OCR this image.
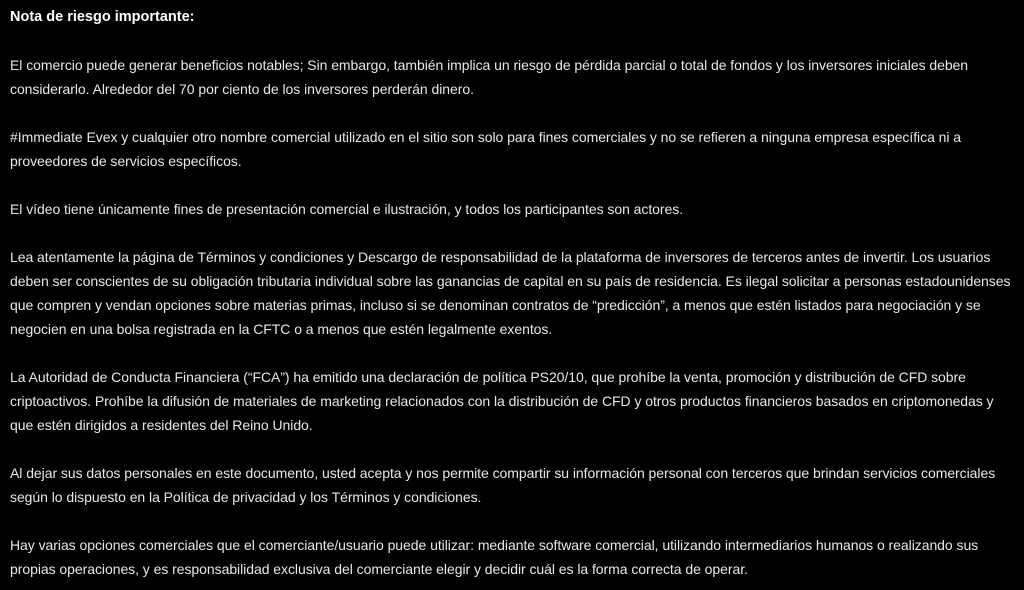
Nota de riesgo importante:

El comercio puede generar beneficios notables; Sin embargo, también implica un riesgo de pérdida parcial o total de fondos y los inversores iniciales deben considerarlo. Alrededor del 70 por ciento de los inversores perderán dinero.

#Immediate Evex y cualquier otro nombre comercial utilizado en el sitio son solo para fines comerciales y no se refieren a ninguna empresa específica ni a proveedores de servicios específicos.

El vídeo tiene únicamente fines de presentación comercial e ilustración, y todos los participantes son actores.

Lea atentamente la página de Términos y condiciones y Descargo de responsabilidad de la plataforma de inversores de terceros antes de invertir. Los usuarios deben ser conscientes de su obligación tributaria individual sobre las ganancias de capital en su país de residencia. Es ilegal solicitar a personas estadounidenses que compren y vendan opciones sobre materias primas, incluso si se denominan contratos de “predicción”, a menos que estén listados para negociación y se negocien en una bolsa registrada en la CFTC o a menos que estén legalmente exentos.

La Autoridad de Conducta Financiera (“FCA”) ha emitido una declaración de política PS20/10, que prohíbe la venta, promoción y distribución de CFD sobre criptoactivos. Prohíbe la difusión de materiales de marketing relacionados con la distribución de CFD y otros productos financieros basados en criptomonedas y que estén dirigidos a residentes del Reino Unido.

Al dejar sus datos personales en este documento, usted acepta y nos permite compartir su información personal con terceros que brindan servicios comerciales según lo dispuesto en la Política de privacidad y los Términos y condiciones.

Hay varias opciones comerciales que el comerciante/usuario puede utilizar: mediante software comercial, utilizando intermediarios humanos o realizando sus propias operaciones, y es responsabilidad exclusiva del comerciante elegir y decidir cuál es la forma correcta de operar.
